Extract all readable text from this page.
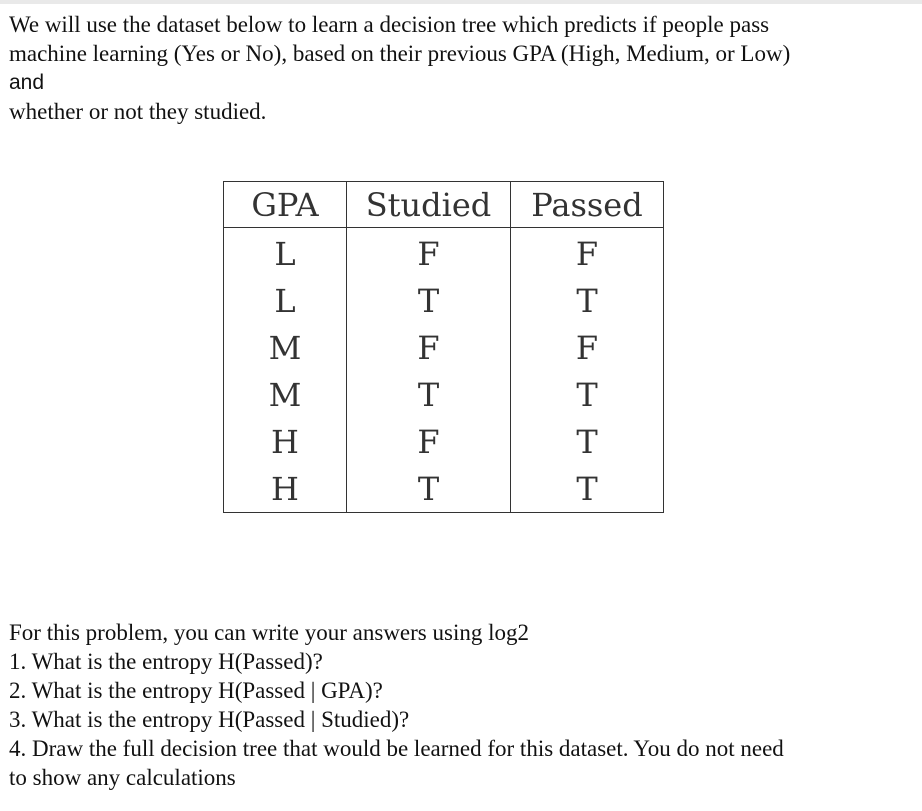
We will use the dataset below to learn a decision tree which predicts if people pass
machine learning (Yes or No), based on their previous GPA (High, Medium, or Low)
and
whether or not they studied.
GPA	Studied	Passed
L	F	F
L	T	T
M	F	F
M	T	T
H	F	T
H	T	T
For this problem, you can write your answers using log2
1. What is the entropy H(Passed)?
2. What is the entropy H(Passed | GPA)?
3. What is the entropy H(Passed | Studied)?
4. Draw the full decision tree that would be learned for this dataset. You do not need
to show any calculations
